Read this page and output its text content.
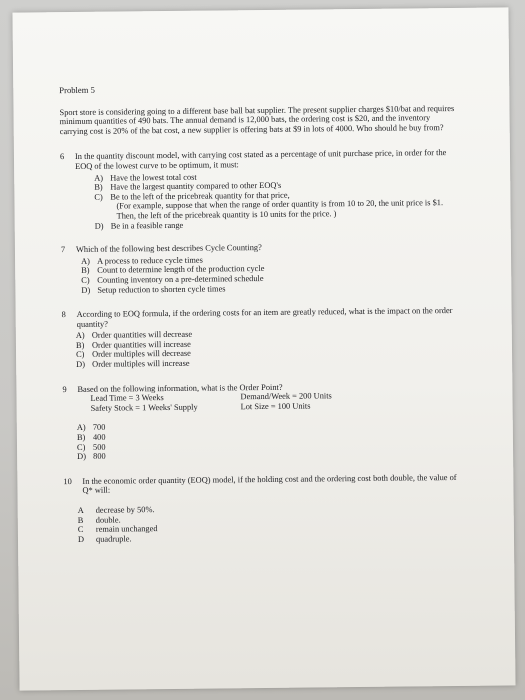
Problem 5
Sport store is considering going to a different base ball bat supplier. The present supplier charges $10/bat and requires minimum quantities of 490 bats. The annual demand is 12,000 bats, the ordering cost is $20, and the inventory carrying cost is 20% of the bat cost, a new supplier is offering bats at $9 in lots of 4000. Who should he buy from?
6	In the quantity discount model, with carrying cost stated as a percentage of unit purchase price, in order for the EOQ of the lowest curve to be optimum, it must:
A) Have the lowest total cost
B) Have the largest quantity compared to other EOQ's
C) Be to the left of the pricebreak quantity for that price,
(For example, suppose that when the range of order quantity is from 10 to 20, the unit price is $1. Then, the left of the pricebreak quantity is 10 units for the price. )
D) Be in a feasible range
7	Which of the following best describes Cycle Counting?
A) A process to reduce cycle times
B) Count to determine length of the production cycle
C) Counting inventory on a pre-determined schedule
D) Setup reduction to shorten cycle times
8	According to EOQ formula, if the ordering costs for an item are greatly reduced, what is the impact on the order quantity?
A) Order quantities will decrease
B) Order quantities will increase
C) Order multiples will decrease
D) Order multiples will increase
9	Based on the following information, what is the Order Point?
Lead Time = 3 Weeks	Demand/Week = 200 Units
Safety Stock = 1 Weeks' Supply	Lot Size = 100 Units
A) 700
B) 400
C) 500
D) 800
10	In the economic order quantity (EOQ) model, if the holding cost and the ordering cost both double, the value of Q* will:
A	decrease by 50%.
B	double.
C	remain unchanged
D	quadruple.
